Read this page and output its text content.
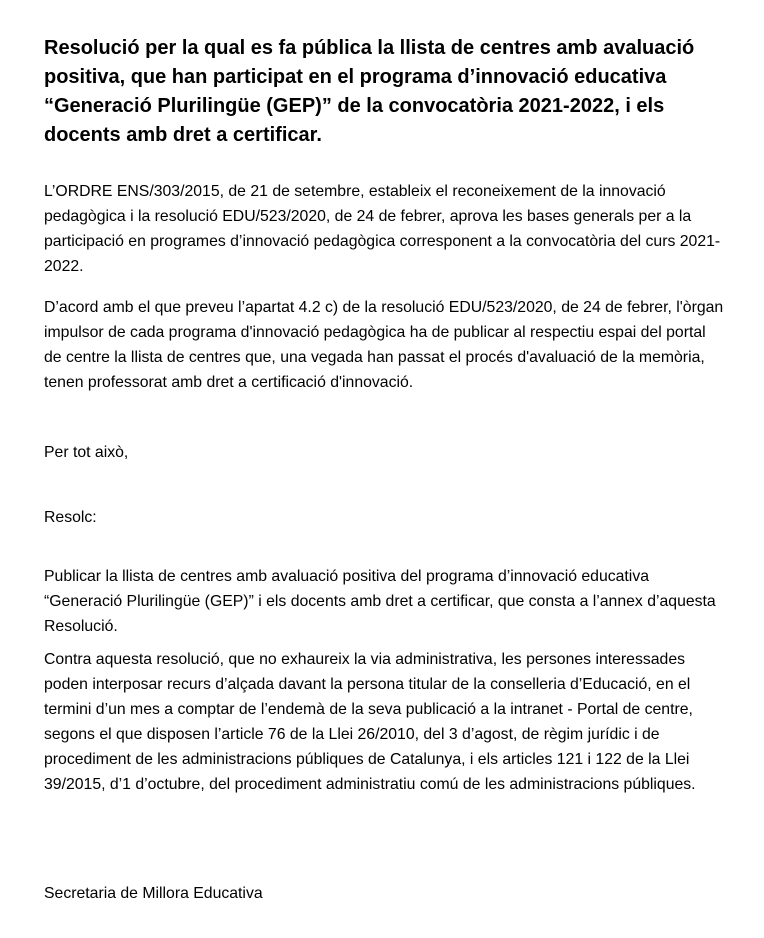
Resolució per la qual es fa pública la llista de centres amb avaluació positiva, que han participat en el programa d’innovació educativa “Generació Plurilingüe (GEP)” de la convocatòria 2021-2022, i els docents amb dret a certificar.

L’ORDRE ENS/303/2015, de 21 de setembre, estableix el reconeixement de la innovació pedagògica i la resolució EDU/523/2020, de 24 de febrer, aprova les bases generals per a la participació en programes d’innovació pedagògica corresponent a la convocatòria del curs 2021-2022.

D’acord amb el que preveu l’apartat 4.2 c) de la resolució EDU/523/2020, de 24 de febrer, l'òrgan impulsor de cada programa d'innovació pedagògica ha de publicar al respectiu espai del portal de centre la llista de centres que, una vegada han passat el procés d'avaluació de la memòria, tenen professorat amb dret a certificació d'innovació.

Per tot això,

Resolc:

Publicar la llista de centres amb avaluació positiva del programa d’innovació educativa “Generació Plurilingüe (GEP)” i els docents amb dret a certificar, que consta a l’annex d’aquesta Resolució.

Contra aquesta resolució, que no exhaureix la via administrativa, les persones interessades poden interposar recurs d’alçada davant la persona titular de la conselleria d’Educació, en el termini d’un mes a comptar de l’endemà de la seva publicació a la intranet - Portal de centre, segons el que disposen l’article 76 de la Llei 26/2010, del 3 d’agost, de règim jurídic i de procediment de les administracions públiques de Catalunya, i els articles 121 i 122 de la Llei 39/2015, d’1 d’octubre, del procediment administratiu comú de les administracions públiques.

Secretaria de Millora Educativa
